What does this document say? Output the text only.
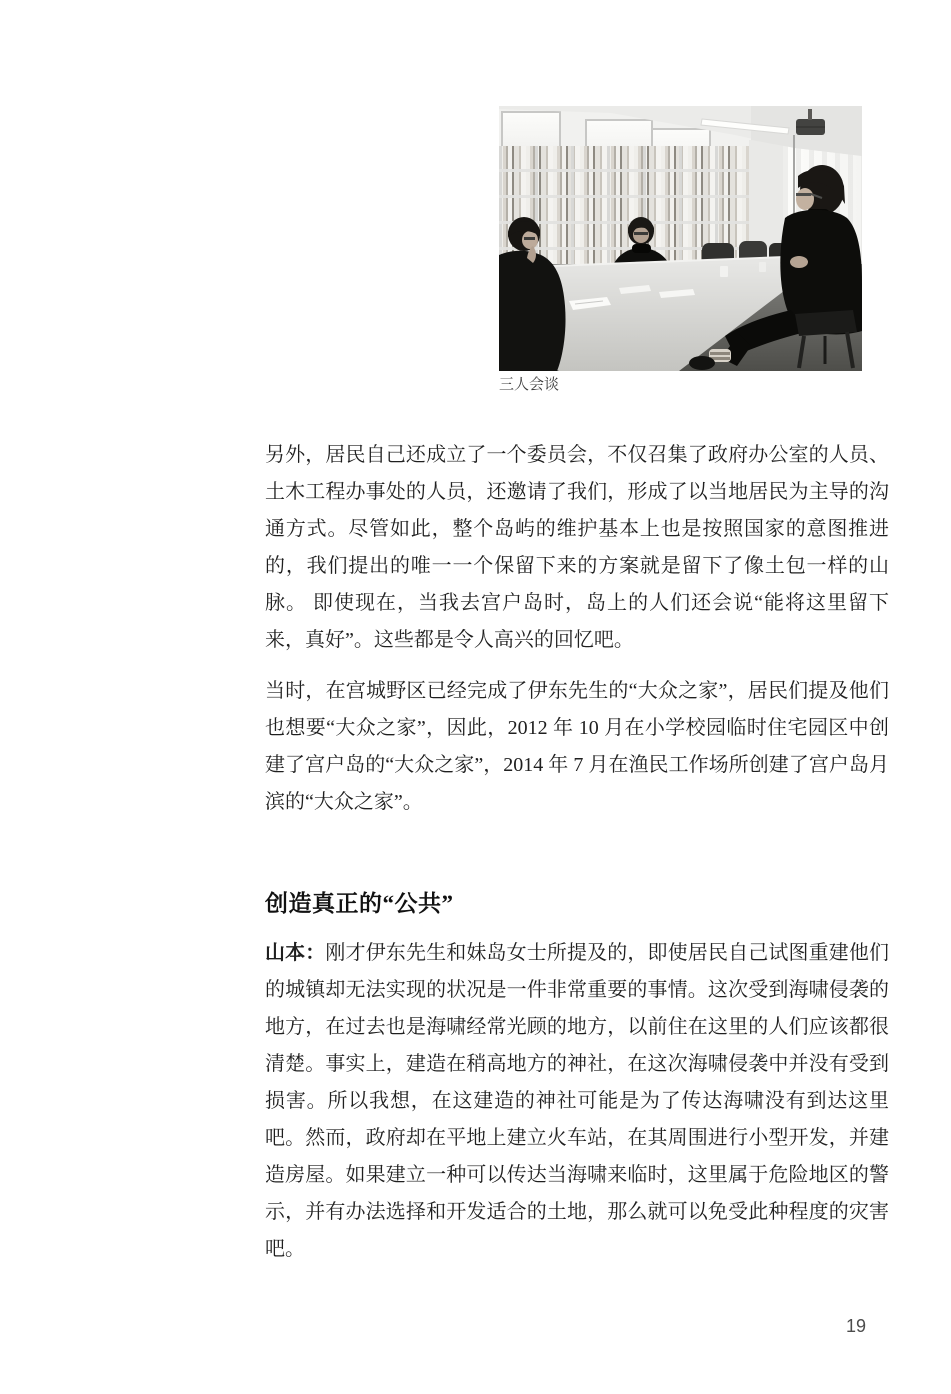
三人会谈

另外，居民自己还成立了一个委员会，不仅召集了政府办公室的人员、土木工程办事处的人员，还邀请了我们，形成了以当地居民为主导的沟通方式。尽管如此，整个岛屿的维护基本上也是按照国家的意图推进的，我们提出的唯一一个保留下来的方案就是留下了像土包一样的山脉。 即使现在，当我去宫户岛时，岛上的人们还会说“能将这里留下来，真好”。这些都是令人高兴的回忆吧。

当时，在宫城野区已经完成了伊东先生的“大众之家”，居民们提及他们也想要“大众之家”，因此，2012 年 10 月在小学校园临时住宅园区中创建了宫户岛的“大众之家”，2014 年 7 月在渔民工作场所创建了宫户岛月滨的“大众之家”。

创造真正的“公共”

山本：刚才伊东先生和妹岛女士所提及的，即使居民自己试图重建他们的城镇却无法实现的状况是一件非常重要的事情。这次受到海啸侵袭的地方，在过去也是海啸经常光顾的地方，以前住在这里的人们应该都很清楚。事实上，建造在稍高地方的神社，在这次海啸侵袭中并没有受到损害。所以我想，在这建造的神社可能是为了传达海啸没有到达这里吧。然而，政府却在平地上建立火车站，在其周围进行小型开发，并建造房屋。如果建立一种可以传达当海啸来临时，这里属于危险地区的警示，并有办法选择和开发适合的土地，那么就可以免受此种程度的灾害吧。

19
